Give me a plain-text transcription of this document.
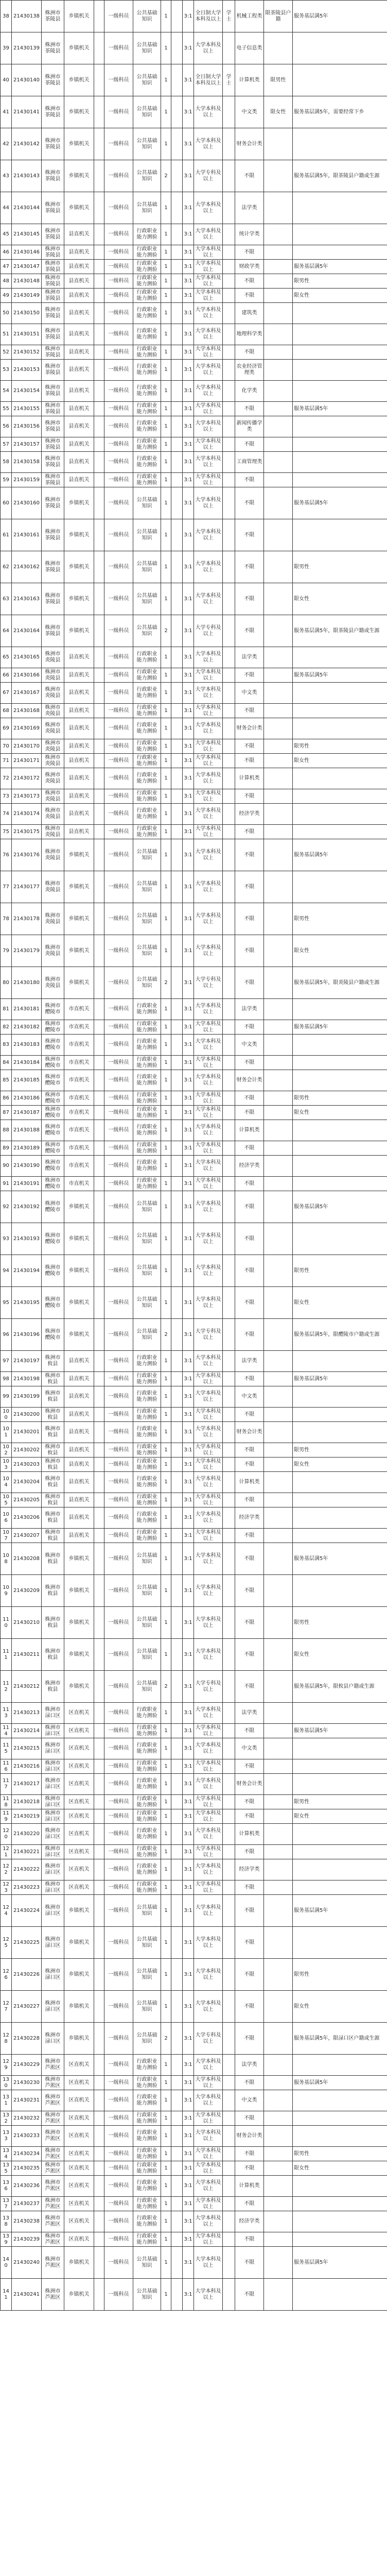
38	21430138	株洲市茶陵县	乡镇机关		一级科员	公共基础知识	1		3:1	全日制大学本科及以上	学士	机械工程类	限茶陵县户籍	服务基层满5年
39	21430139	株洲市茶陵县	乡镇机关		一级科员	公共基础知识	1		3:1	大学本科及以上		电子信息类		
40	21430140	株洲市茶陵县	乡镇机关		一级科员	公共基础知识	1		3:1	全日制大学本科及以上	学士	计算机类	限男性	
41	21430141	株洲市茶陵县	乡镇机关		一级科员	公共基础知识	1		3:1	大学本科及以上		中文类	限女性	服务基层满5年，需要经常下乡
42	21430142	株洲市茶陵县	乡镇机关		一级科员	公共基础知识	1		3:1	大学本科及以上		财务会计类		
43	21430143	株洲市茶陵县	乡镇机关		一级科员	公共基础知识	2		3:1	大学专科及以上		不限		服务基层满5年，限茶陵县户籍或生源
44	21430144	株洲市茶陵县	乡镇机关		一级科员	公共基础知识	1		3:1	大学本科及以上		法学类		
45	21430145	株洲市茶陵县	县直机关		一级科员	行政职业能力测验	1		3:1	大学本科及以上		统计学类		
46	21430146	株洲市茶陵县	县直机关		一级科员	行政职业能力测验	1		3:1	大学本科及以上		不限		
47	21430147	株洲市茶陵县	县直机关		一级科员	行政职业能力测验	1		3:1	大学本科及以上		财政学类		服务基层满5年
48	21430148	株洲市茶陵县	县直机关		一级科员	行政职业能力测验	1		3:1	大学本科及以上		不限		限男性
49	21430149	株洲市茶陵县	县直机关		一级科员	行政职业能力测验	1		3:1	大学本科及以上		不限		限女性
50	21430150	株洲市茶陵县	县直机关		一级科员	行政职业能力测验	1		3:1	大学本科及以上		建筑类		
51	21430151	株洲市茶陵县	县直机关		一级科员	行政职业能力测验	1		3:1	大学本科及以上		地理科学类		
52	21430152	株洲市茶陵县	县直机关		一级科员	行政职业能力测验	1		3:1	大学本科及以上		不限		
53	21430153	株洲市茶陵县	县直机关		一级科员	行政职业能力测验	1		3:1	大学本科及以上		农业经济管理类		
54	21430154	株洲市茶陵县	县直机关		一级科员	行政职业能力测验	1		3:1	大学本科及以上		化学类		
55	21430155	株洲市茶陵县	县直机关		一级科员	行政职业能力测验	1		3:1	大学本科及以上		不限		服务基层满5年
56	21430156	株洲市茶陵县	县直机关		一级科员	行政职业能力测验	1		3:1	大学本科及以上		新闻传播学类		
57	21430157	株洲市茶陵县	县直机关		一级科员	行政职业能力测验	1		3:1	大学本科及以上		不限		
58	21430158	株洲市茶陵县	县直机关		一级科员	行政职业能力测验	1		3:1	大学本科及以上		工商管理类		
59	21430159	株洲市茶陵县	县直机关		一级科员	行政职业能力测验	1		3:1	大学本科及以上		不限		
60	21430160	株洲市茶陵县	乡镇机关		一级科员	公共基础知识	1		3:1	大学本科及以上		不限		服务基层满5年
61	21430161	株洲市茶陵县	乡镇机关		一级科员	公共基础知识	1		3:1	大学本科及以上		不限		
62	21430162	株洲市茶陵县	乡镇机关		一级科员	公共基础知识	1		3:1	大学本科及以上		不限		限男性
63	21430163	株洲市茶陵县	乡镇机关		一级科员	公共基础知识	1		3:1	大学本科及以上		不限		限女性
64	21430164	株洲市茶陵县	乡镇机关		一级科员	公共基础知识	2		3:1	大学专科及以上		不限		服务基层满5年，限茶陵县户籍或生源
65	21430165	株洲市炎陵县	县直机关		一级科员	行政职业能力测验	1		3:1	大学本科及以上		法学类		
66	21430166	株洲市炎陵县	县直机关		一级科员	行政职业能力测验	1		3:1	大学本科及以上		不限		服务基层满5年
67	21430167	株洲市炎陵县	县直机关		一级科员	行政职业能力测验	1		3:1	大学本科及以上		中文类		
68	21430168	株洲市炎陵县	县直机关		一级科员	行政职业能力测验	1		3:1	大学本科及以上		不限		
69	21430169	株洲市炎陵县	县直机关		一级科员	行政职业能力测验	1		3:1	大学本科及以上		财务会计类		
70	21430170	株洲市炎陵县	县直机关		一级科员	行政职业能力测验	1		3:1	大学本科及以上		不限		限男性
71	21430171	株洲市炎陵县	县直机关		一级科员	行政职业能力测验	1		3:1	大学本科及以上		不限		限女性
72	21430172	株洲市炎陵县	县直机关		一级科员	行政职业能力测验	1		3:1	大学本科及以上		计算机类		
73	21430173	株洲市炎陵县	县直机关		一级科员	行政职业能力测验	1		3:1	大学本科及以上		不限		
74	21430174	株洲市炎陵县	县直机关		一级科员	行政职业能力测验	1		3:1	大学本科及以上		经济学类		
75	21430175	株洲市炎陵县	县直机关		一级科员	行政职业能力测验	1		3:1	大学本科及以上		不限		
76	21430176	株洲市炎陵县	乡镇机关		一级科员	公共基础知识	1		3:1	大学本科及以上		不限		服务基层满5年
77	21430177	株洲市炎陵县	乡镇机关		一级科员	公共基础知识	1		3:1	大学本科及以上		不限		
78	21430178	株洲市炎陵县	乡镇机关		一级科员	公共基础知识	1		3:1	大学本科及以上		不限		限男性
79	21430179	株洲市炎陵县	乡镇机关		一级科员	公共基础知识	1		3:1	大学本科及以上		不限		限女性
80	21430180	株洲市炎陵县	乡镇机关		一级科员	公共基础知识	2		3:1	大学专科及以上		不限		服务基层满5年，限炎陵县户籍或生源
81	21430181	株洲市醴陵市	市直机关		一级科员	行政职业能力测验	1		3:1	大学本科及以上		法学类		
82	21430182	株洲市醴陵市	市直机关		一级科员	行政职业能力测验	1		3:1	大学本科及以上		不限		服务基层满5年
83	21430183	株洲市醴陵市	市直机关		一级科员	行政职业能力测验	1		3:1	大学本科及以上		中文类		
84	21430184	株洲市醴陵市	市直机关		一级科员	行政职业能力测验	1		3:1	大学本科及以上		不限		
85	21430185	株洲市醴陵市	市直机关		一级科员	行政职业能力测验	1		3:1	大学本科及以上		财务会计类		
86	21430186	株洲市醴陵市	市直机关		一级科员	行政职业能力测验	1		3:1	大学本科及以上		不限		限男性
87	21430187	株洲市醴陵市	市直机关		一级科员	行政职业能力测验	1		3:1	大学本科及以上		不限		限女性
88	21430188	株洲市醴陵市	市直机关		一级科员	行政职业能力测验	1		3:1	大学本科及以上		计算机类		
89	21430189	株洲市醴陵市	市直机关		一级科员	行政职业能力测验	1		3:1	大学本科及以上		不限		
90	21430190	株洲市醴陵市	市直机关		一级科员	行政职业能力测验	1		3:1	大学本科及以上		经济学类		
91	21430191	株洲市醴陵市	市直机关		一级科员	行政职业能力测验	1		3:1	大学本科及以上		不限		
92	21430192	株洲市醴陵市	乡镇机关		一级科员	公共基础知识	1		3:1	大学本科及以上		不限		服务基层满5年
93	21430193	株洲市醴陵市	乡镇机关		一级科员	公共基础知识	1		3:1	大学本科及以上		不限		
94	21430194	株洲市醴陵市	乡镇机关		一级科员	公共基础知识	1		3:1	大学本科及以上		不限		限男性
95	21430195	株洲市醴陵市	乡镇机关		一级科员	公共基础知识	1		3:1	大学本科及以上		不限		限女性
96	21430196	株洲市醴陵市	乡镇机关		一级科员	公共基础知识	2		3:1	大学专科及以上		不限		服务基层满5年，限醴陵市户籍或生源
97	21430197	株洲市攸县	县直机关		一级科员	行政职业能力测验	1		3:1	大学本科及以上		法学类		
98	21430198	株洲市攸县	县直机关		一级科员	行政职业能力测验	1		3:1	大学本科及以上		不限		服务基层满5年
99	21430199	株洲市攸县	县直机关		一级科员	行政职业能力测验	1		3:1	大学本科及以上		中文类		
100	21430200	株洲市攸县	县直机关		一级科员	行政职业能力测验	1		3:1	大学本科及以上		不限		
101	21430201	株洲市攸县	县直机关		一级科员	行政职业能力测验	1		3:1	大学本科及以上		财务会计类		
102	21430202	株洲市攸县	县直机关		一级科员	行政职业能力测验	1		3:1	大学本科及以上		不限		限男性
103	21430203	株洲市攸县	县直机关		一级科员	行政职业能力测验	1		3:1	大学本科及以上		不限		限女性
104	21430204	株洲市攸县	县直机关		一级科员	行政职业能力测验	1		3:1	大学本科及以上		计算机类		
105	21430205	株洲市攸县	县直机关		一级科员	行政职业能力测验	1		3:1	大学本科及以上		不限		
106	21430206	株洲市攸县	县直机关		一级科员	行政职业能力测验	1		3:1	大学本科及以上		经济学类		
107	21430207	株洲市攸县	县直机关		一级科员	行政职业能力测验	1		3:1	大学本科及以上		不限		
108	21430208	株洲市攸县	乡镇机关		一级科员	公共基础知识	1		3:1	大学本科及以上		不限		服务基层满5年
109	21430209	株洲市攸县	乡镇机关		一级科员	公共基础知识	1		3:1	大学本科及以上		不限		
110	21430210	株洲市攸县	乡镇机关		一级科员	公共基础知识	1		3:1	大学本科及以上		不限		限男性
111	21430211	株洲市攸县	乡镇机关		一级科员	公共基础知识	1		3:1	大学本科及以上		不限		限女性
112	21430212	株洲市攸县	乡镇机关		一级科员	公共基础知识	2		3:1	大学专科及以上		不限		服务基层满5年，限攸县户籍或生源
113	21430213	株洲市渌口区	区直机关		一级科员	行政职业能力测验	1		3:1	大学本科及以上		法学类		
114	21430214	株洲市渌口区	区直机关		一级科员	行政职业能力测验	1		3:1	大学本科及以上		不限		服务基层满5年
115	21430215	株洲市渌口区	区直机关		一级科员	行政职业能力测验	1		3:1	大学本科及以上		中文类		
116	21430216	株洲市渌口区	区直机关		一级科员	行政职业能力测验	1		3:1	大学本科及以上		不限		
117	21430217	株洲市渌口区	区直机关		一级科员	行政职业能力测验	1		3:1	大学本科及以上		财务会计类		
118	21430218	株洲市渌口区	区直机关		一级科员	行政职业能力测验	1		3:1	大学本科及以上		不限		限男性
119	21430219	株洲市渌口区	区直机关		一级科员	行政职业能力测验	1		3:1	大学本科及以上		不限		限女性
120	21430220	株洲市渌口区	区直机关		一级科员	行政职业能力测验	1		3:1	大学本科及以上		计算机类		
121	21430221	株洲市渌口区	区直机关		一级科员	行政职业能力测验	1		3:1	大学本科及以上		不限		
122	21430222	株洲市渌口区	区直机关		一级科员	行政职业能力测验	1		3:1	大学本科及以上		经济学类		
123	21430223	株洲市渌口区	区直机关		一级科员	行政职业能力测验	1		3:1	大学本科及以上		不限		
124	21430224	株洲市渌口区	乡镇机关		一级科员	公共基础知识	1		3:1	大学本科及以上		不限		服务基层满5年
125	21430225	株洲市渌口区	乡镇机关		一级科员	公共基础知识	1		3:1	大学本科及以上		不限		
126	21430226	株洲市渌口区	乡镇机关		一级科员	公共基础知识	1		3:1	大学本科及以上		不限		限男性
127	21430227	株洲市渌口区	乡镇机关		一级科员	公共基础知识	1		3:1	大学本科及以上		不限		限女性
128	21430228	株洲市渌口区	乡镇机关		一级科员	公共基础知识	2		3:1	大学专科及以上		不限		服务基层满5年，限渌口区户籍或生源
129	21430229	株洲市芦淞区	区直机关		一级科员	行政职业能力测验	1		3:1	大学本科及以上		法学类		
130	21430230	株洲市芦淞区	区直机关		一级科员	行政职业能力测验	1		3:1	大学本科及以上		不限		服务基层满5年
131	21430231	株洲市芦淞区	区直机关		一级科员	行政职业能力测验	1		3:1	大学本科及以上		中文类		
132	21430232	株洲市芦淞区	区直机关		一级科员	行政职业能力测验	1		3:1	大学本科及以上		不限		
133	21430233	株洲市芦淞区	区直机关		一级科员	行政职业能力测验	1		3:1	大学本科及以上		财务会计类		
134	21430234	株洲市芦淞区	区直机关		一级科员	行政职业能力测验	1		3:1	大学本科及以上		不限		限男性
135	21430235	株洲市芦淞区	区直机关		一级科员	行政职业能力测验	1		3:1	大学本科及以上		不限		限女性
136	21430236	株洲市芦淞区	区直机关		一级科员	行政职业能力测验	1		3:1	大学本科及以上		计算机类		
137	21430237	株洲市芦淞区	区直机关		一级科员	行政职业能力测验	1		3:1	大学本科及以上		不限		
138	21430238	株洲市芦淞区	区直机关		一级科员	行政职业能力测验	1		3:1	大学本科及以上		经济学类		
139	21430239	株洲市芦淞区	区直机关		一级科员	行政职业能力测验	1		3:1	大学本科及以上		不限		
140	21430240	株洲市芦淞区	乡镇机关		一级科员	公共基础知识	1		3:1	大学本科及以上		不限		服务基层满5年
141	21430241	株洲市芦淞区	乡镇机关		一级科员	公共基础知识	1		3:1	大学本科及以上		不限		
